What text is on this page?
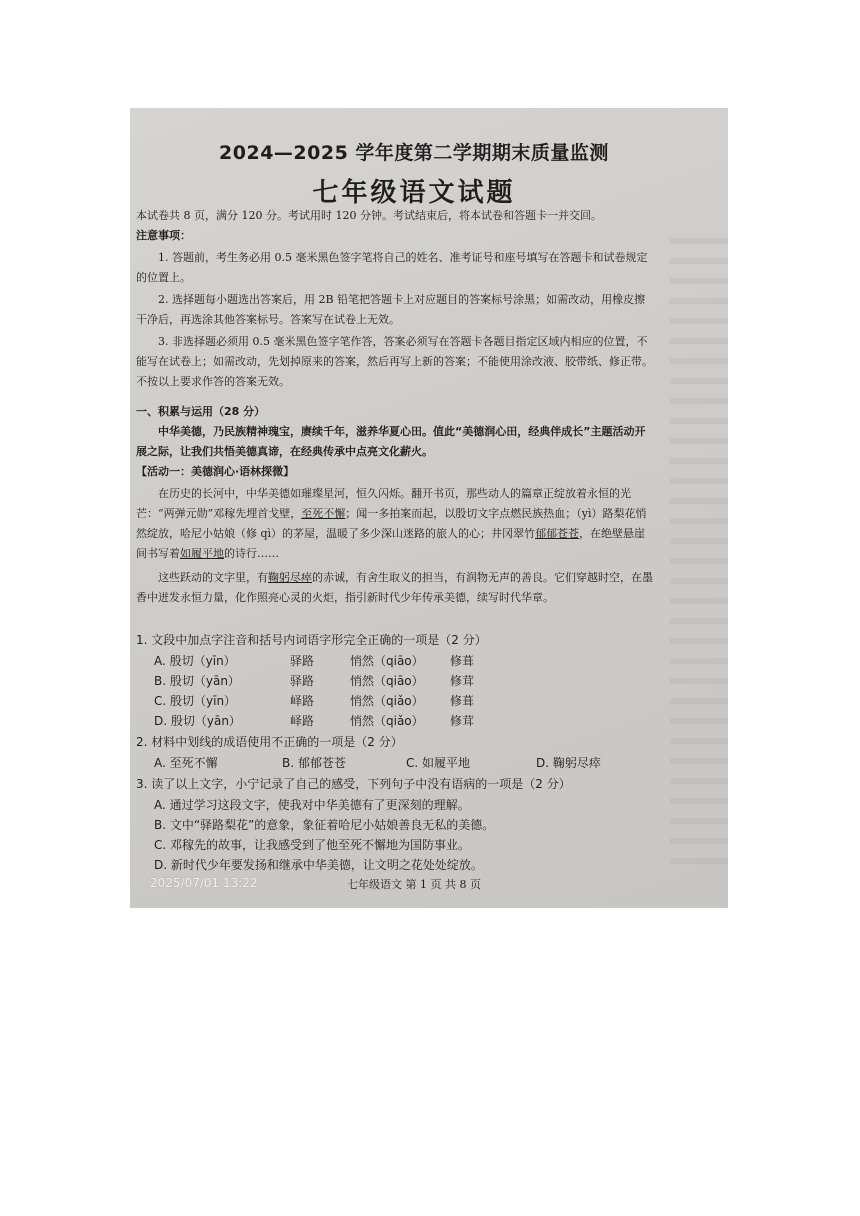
2024—2025 学年度第二学期期末质量监测
七年级语文试题
本试卷共 8 页，满分 120 分。考试用时 120 分钟。考试结束后，将本试卷和答题卡一并交回。
注意事项：
1. 答题前，考生务必用 0.5 毫米黑色签字笔将自己的姓名、准考证号和座号填写在答题卡和试卷规定的位置上。
2. 选择题每小题选出答案后，用 2B 铅笔把答题卡上对应题目的答案标号涂黑；如需改动，用橡皮擦干净后，再选涂其他答案标号。答案写在试卷上无效。
3. 非选择题必须用 0.5 毫米黑色签字笔作答，答案必须写在答题卡各题目指定区域内相应的位置，不能写在试卷上；如需改动，先划掉原来的答案，然后再写上新的答案；不能使用涂改液、胶带纸、修正带。不按以上要求作答的答案无效。
一、积累与运用（28 分）
中华美德，乃民族精神瑰宝，赓续千年，滋养华夏心田。值此“美德润心田，经典伴成长”主题活动开展之际，让我们共悟美德真谛，在经典传承中点亮文化薪火。
【活动一：美德润心·语林探微】
在历史的长河中，中华美德如璀璨星河，恒久闪烁。翻开书页，那些动人的篇章正绽放着永恒的光芒：“两弹元勋”邓稼先埋首戈壁，至死不懈；闻一多拍案而起，以殷切文字点燃民族热血；（yì）路梨花悄然绽放，哈尼小姑娘（修 qì）的茅屋，温暖了多少深山迷路的旅人的心；井冈翠竹郁郁苍苍，在绝壁悬崖间书写着如履平地的诗行……
这些跃动的文字里，有鞠躬尽瘁的赤诚，有舍生取义的担当，有润物无声的善良。它们穿越时空，在墨香中迸发永恒力量，化作照亮心灵的火炬，指引新时代少年传承美德，续写时代华章。
1. 文段中加点字注音和括号内词语字形完全正确的一项是（2 分）
A. 殷切（yīn）	驿路	悄然（qiāo） 修葺
B. 殷切（yān）	驿路	悄然（qiāo） 修茸
C. 殷切（yīn）	峄路	悄然（qiǎo） 修葺
D. 殷切（yān）	峄路	悄然（qiǎo） 修茸
2. 材料中划线的成语使用不正确的一项是（2 分）
A. 至死不懈	B. 郁郁苍苍	C. 如履平地	D. 鞠躬尽瘁
3. 读了以上文字，小宁记录了自己的感受，下列句子中没有语病的一项是（2 分）
A. 通过学习这段文字，使我对中华美德有了更深刻的理解。
B. 文中“驿路梨花”的意象，象征着哈尼小姑娘善良无私的美德。
C. 邓稼先的故事，让我感受到了他至死不懈地为国防事业。
D. 新时代少年要发扬和继承中华美德，让文明之花处处绽放。
七年级语文 第 1 页 共 8 页
2025/07/01 13:22
